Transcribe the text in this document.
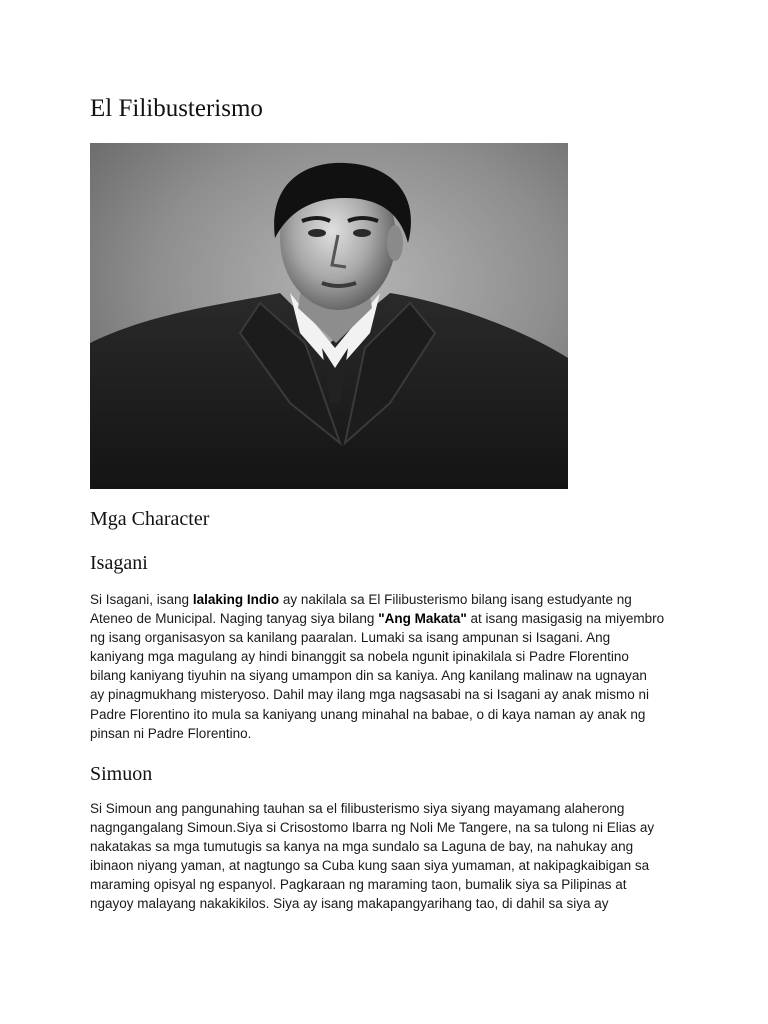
El Filibusterismo
Mga Character
Isagani

Si Isagani, isang lalaking Indio ay nakilala sa El Filibusterismo bilang isang estudyante ng
Ateneo de Municipal. Naging tanyag siya bilang "Ang Makata" at isang masigasig na miyembro
ng isang organisasyon sa kanilang paaralan. Lumaki sa isang ampunan si Isagani. Ang
kaniyang mga magulang ay hindi binanggit sa nobela ngunit ipinakilala si Padre Florentino
bilang kaniyang tiyuhin na siyang umampon din sa kaniya. Ang kanilang malinaw na ugnayan
ay pinagmukhang misteryoso. Dahil may ilang mga nagsasabi na si Isagani ay anak mismo ni
Padre Florentino ito mula sa kaniyang unang minahal na babae, o di kaya naman ay anak ng
pinsan ni Padre Florentino.

Simuon

Si Simoun ang pangunahing tauhan sa el filibusterismo siya siyang mayamang alaherong
nagngangalang Simoun.Siya si Crisostomo Ibarra ng Noli Me Tangere, na sa tulong ni Elias ay
nakatakas sa mga tumutugis sa kanya na mga sundalo sa Laguna de bay, na nahukay ang
ibinaon niyang yaman, at nagtungo sa Cuba kung saan siya yumaman, at nakipagkaibigan sa
maraming opisyal ng espanyol. Pagkaraan ng maraming taon, bumalik siya sa Pilipinas at
ngayoy malayang nakakikilos. Siya ay isang makapangyarihang tao, di dahil sa siya ay
